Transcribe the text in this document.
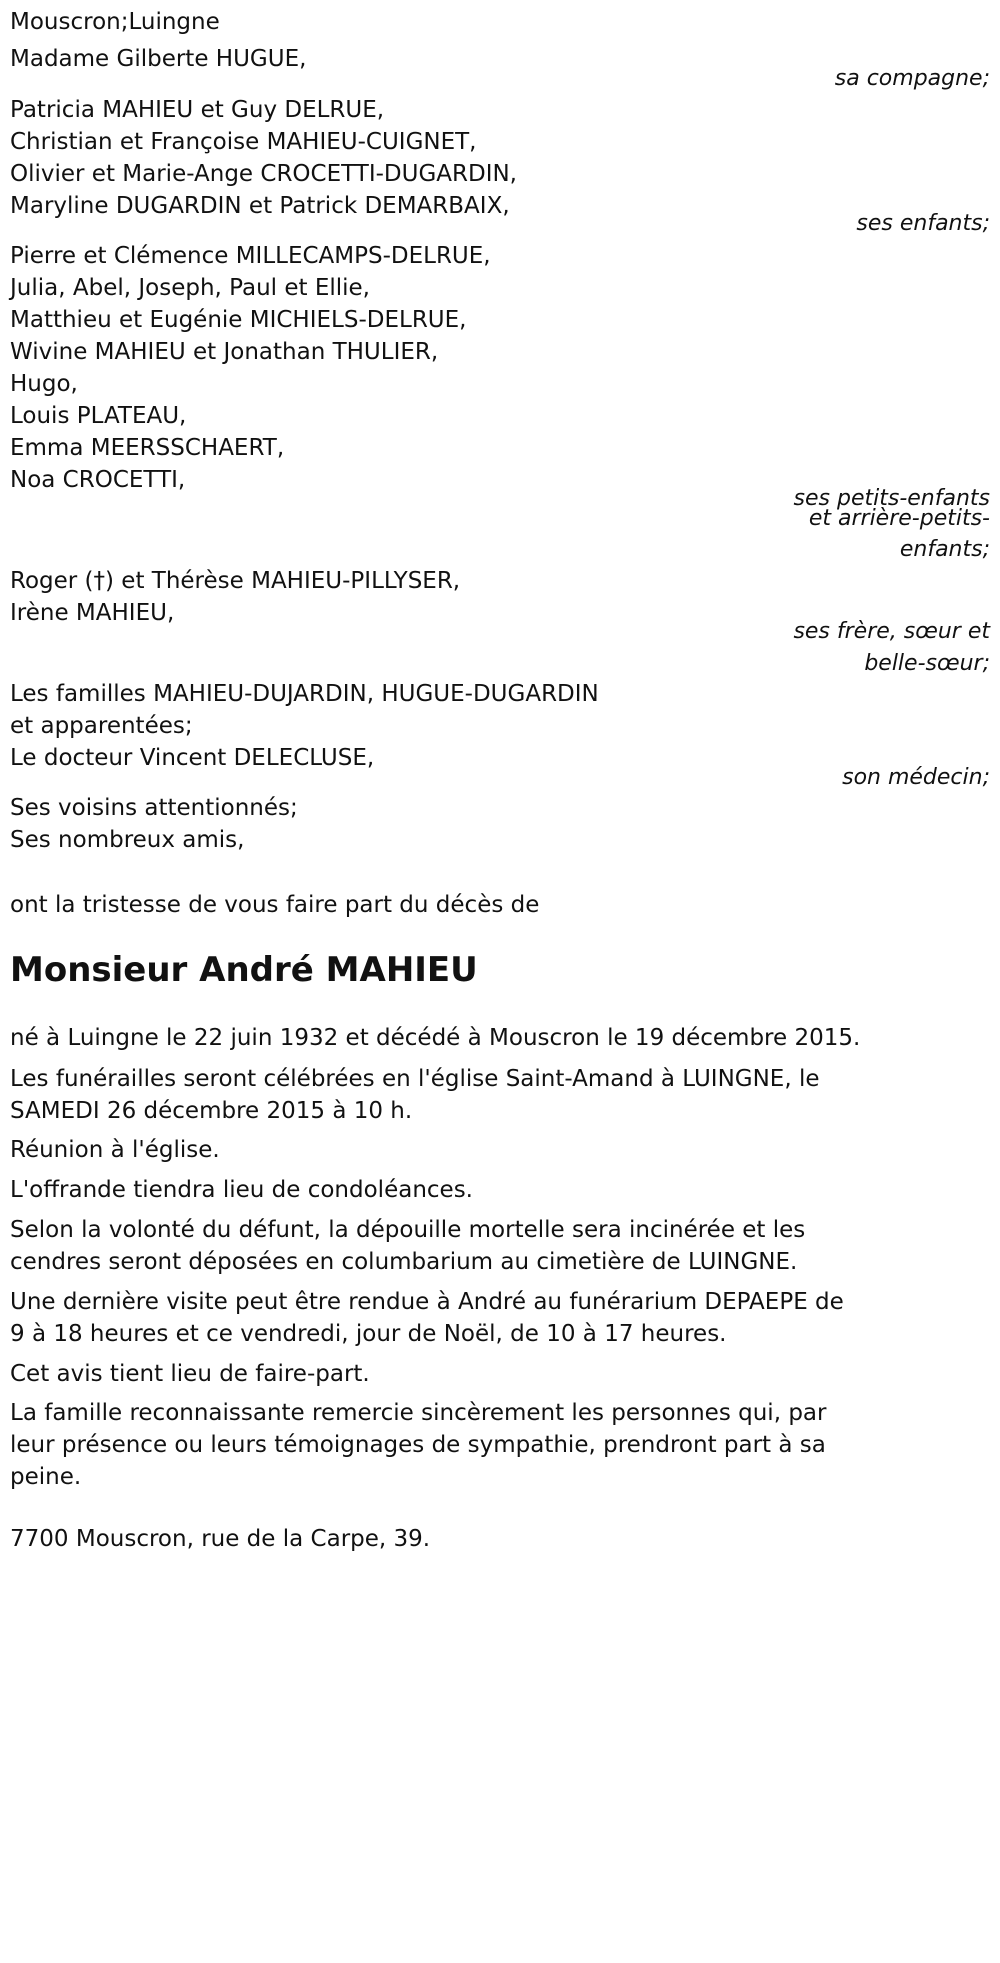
Mouscron;Luingne
Madame Gilberte HUGUE,
sa compagne;
Patricia MAHIEU et Guy DELRUE,
Christian et Françoise MAHIEU-CUIGNET,
Olivier et Marie-Ange CROCETTI-DUGARDIN,
Maryline DUGARDIN et Patrick DEMARBAIX,
ses enfants;
Pierre et Clémence MILLECAMPS-DELRUE,
Julia, Abel, Joseph, Paul et Ellie,
Matthieu et Eugénie MICHIELS-DELRUE,
Wivine MAHIEU et Jonathan THULIER,
Hugo,
Louis PLATEAU,
Emma MEERSSCHAERT,
Noa CROCETTI,
ses petits-enfants
et arrière-petits-
enfants;
Roger (†) et Thérèse MAHIEU-PILLYSER,
Irène MAHIEU,
ses frère, sœur et
belle-sœur;
Les familles MAHIEU-DUJARDIN, HUGUE-DUGARDIN
et apparentées;
Le docteur Vincent DELECLUSE,
son médecin;
Ses voisins attentionnés;
Ses nombreux amis,
ont la tristesse de vous faire part du décès de
Monsieur André MAHIEU
né à Luingne le 22 juin 1932 et décédé à Mouscron le 19 décembre 2015.
Les funérailles seront célébrées en l'église Saint-Amand à LUINGNE, le
SAMEDI 26 décembre 2015 à 10 h.
Réunion à l'église.
L'offrande tiendra lieu de condoléances.
Selon la volonté du défunt, la dépouille mortelle sera incinérée et les
cendres seront déposées en columbarium au cimetière de LUINGNE.
Une dernière visite peut être rendue à André au funérarium DEPAEPE de
9 à 18 heures et ce vendredi, jour de Noël, de 10 à 17 heures.
Cet avis tient lieu de faire-part.
La famille reconnaissante remercie sincèrement les personnes qui, par
leur présence ou leurs témoignages de sympathie, prendront part à sa
peine.
7700 Mouscron, rue de la Carpe, 39.
